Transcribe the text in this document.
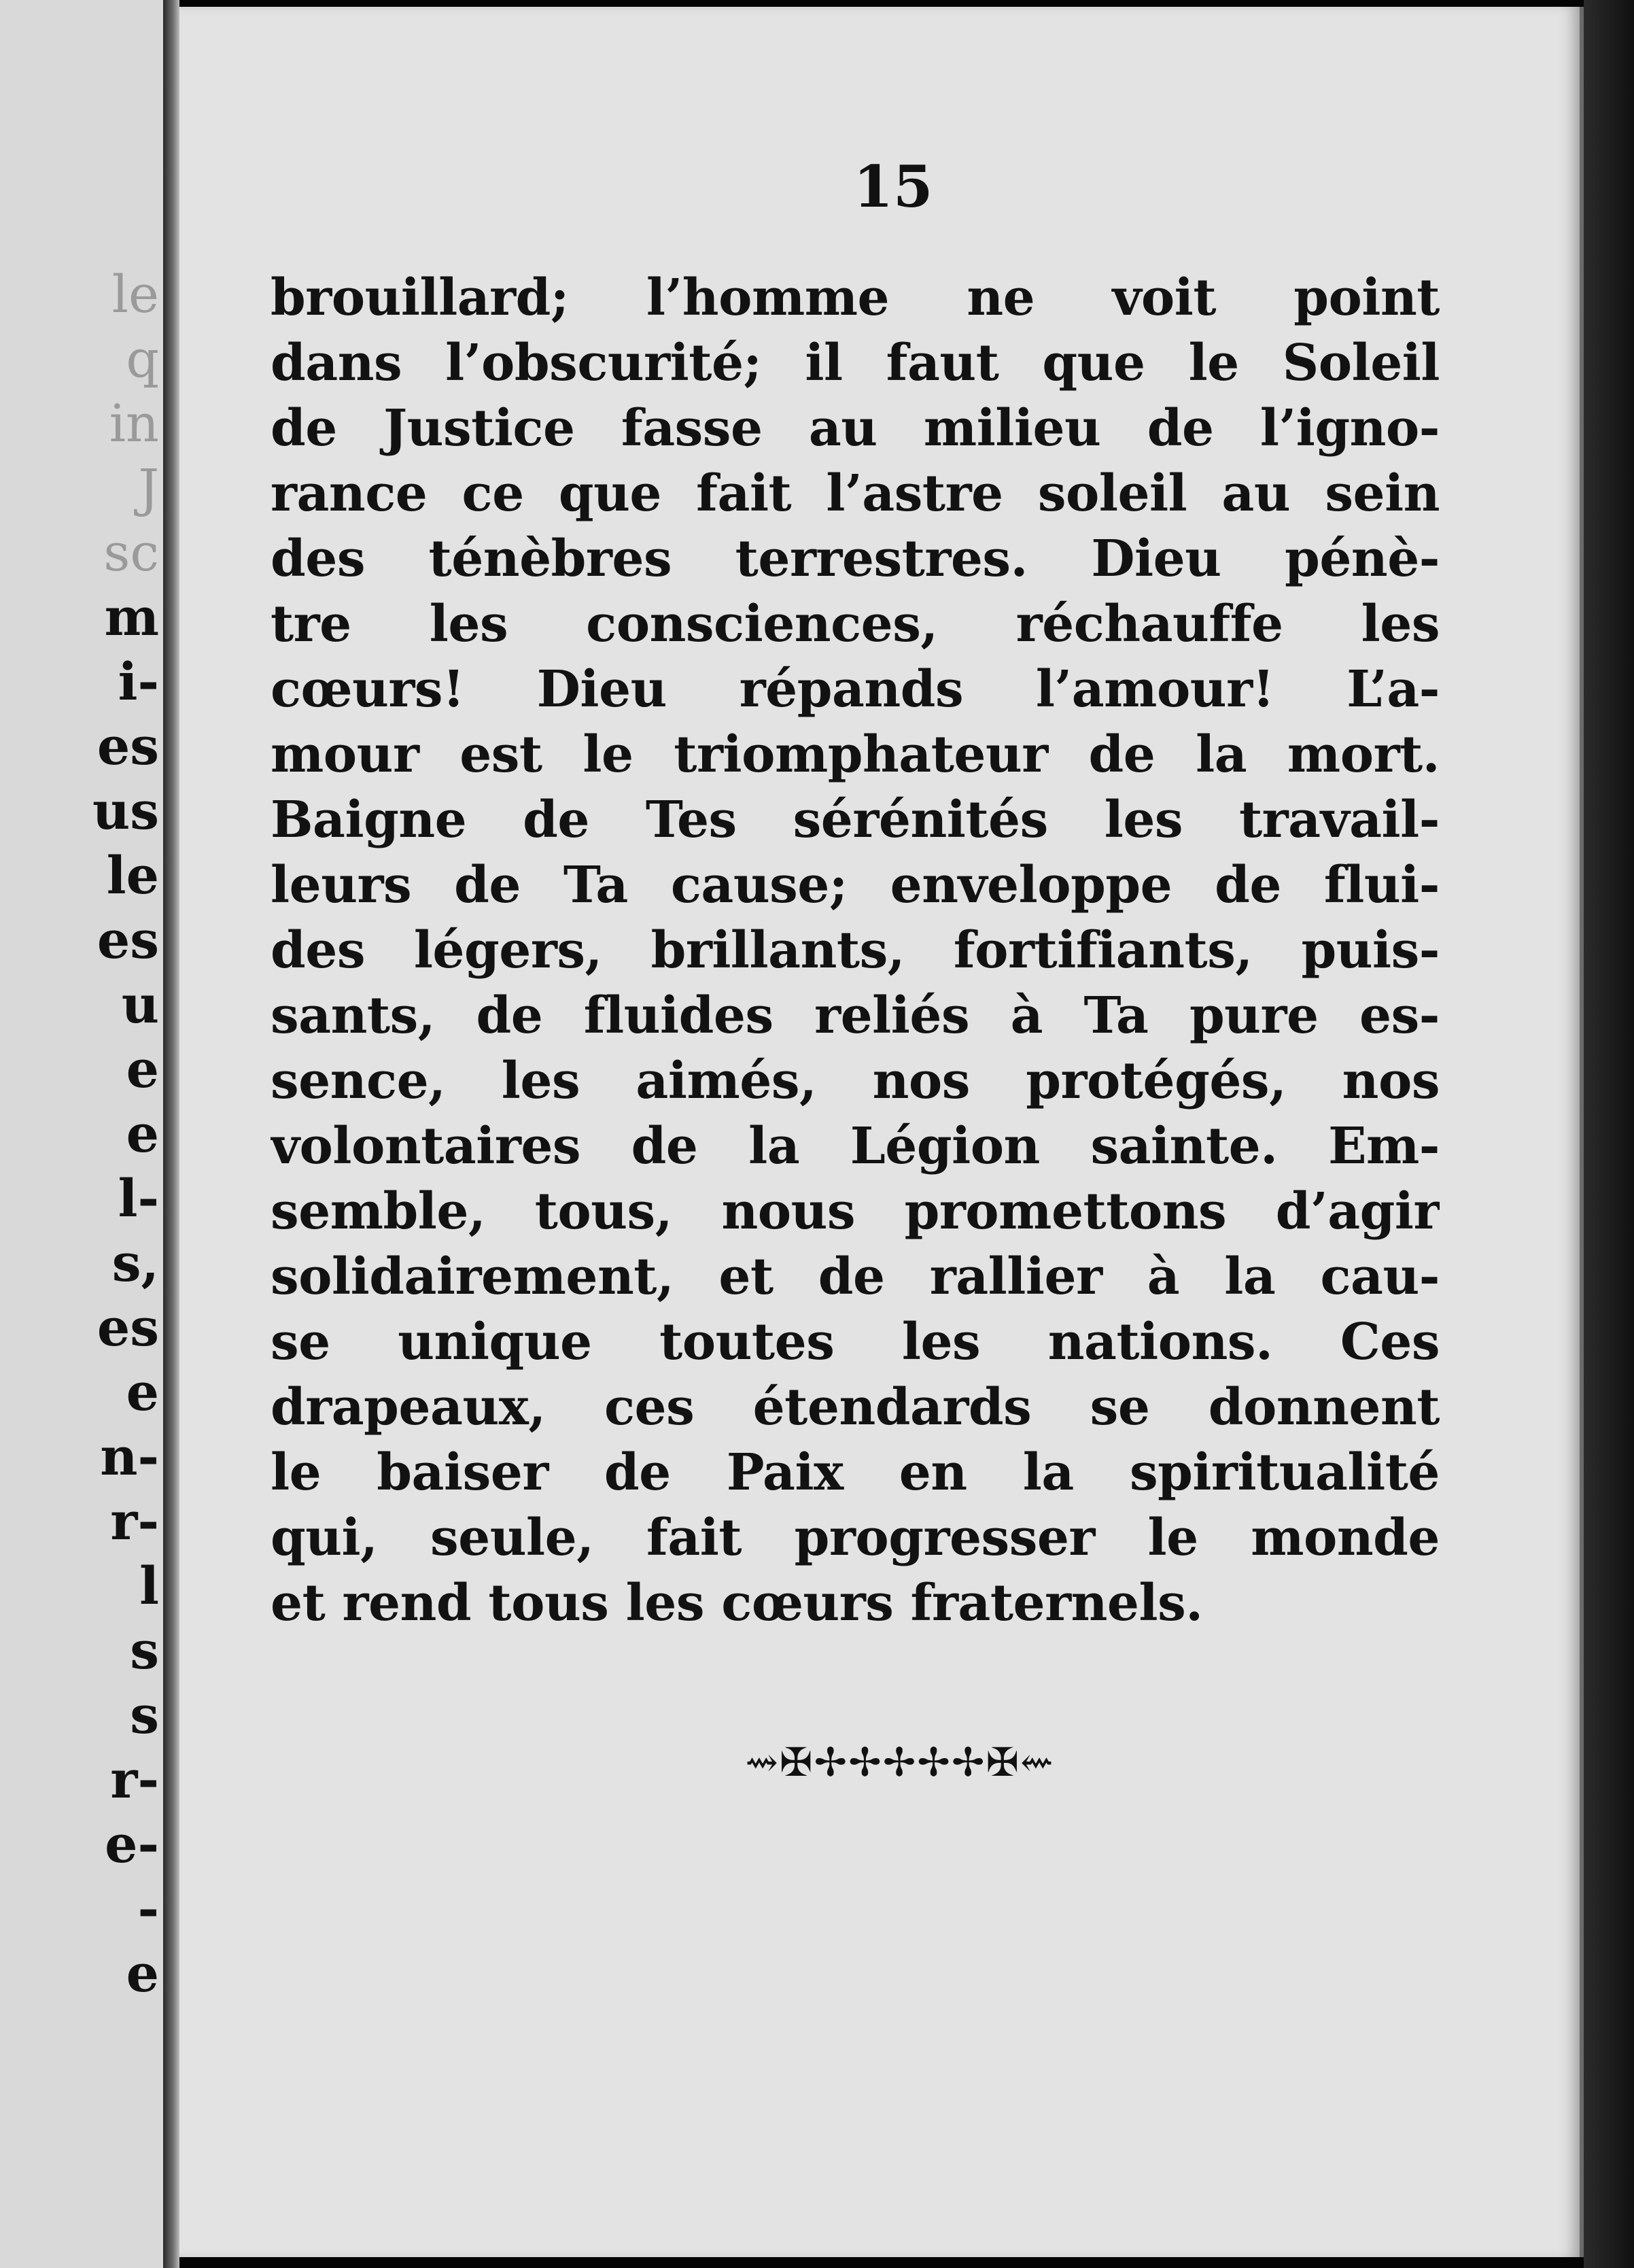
le
q
in
J
sc
m
i-
es
us
le
es
u
e
e
l-
s,
es
e
n-
r-
l
s
s
r-
e-
-
e
15
brouillard; l’homme ne voit point
dans l’obscurité; il faut que le Soleil
de Justice fasse au milieu de l’igno-
rance ce que fait l’astre soleil au sein
des ténèbres terrestres. Dieu pénè-
tre les consciences, réchauffe les
cœurs! Dieu répands l’amour! L’a-
mour est le triomphateur de la mort.
Baigne de Tes sérénités les travail-
leurs de Ta cause; enveloppe de flui-
des légers, brillants, fortifiants, puis-
sants, de fluides reliés à Ta pure es-
sence, les aimés, nos protégés, nos
volontaires de la Légion sainte. Em-
semble, tous, nous promettons d’agir
solidairement, et de rallier à la cau-
se unique toutes les nations. Ces
drapeaux, ces étendards se donnent
le baiser de Paix en la spiritualité
qui, seule, fait progresser le monde
et rend tous les cœurs fraternels.
⇝✠✢✢✢✢✢✠⇜
